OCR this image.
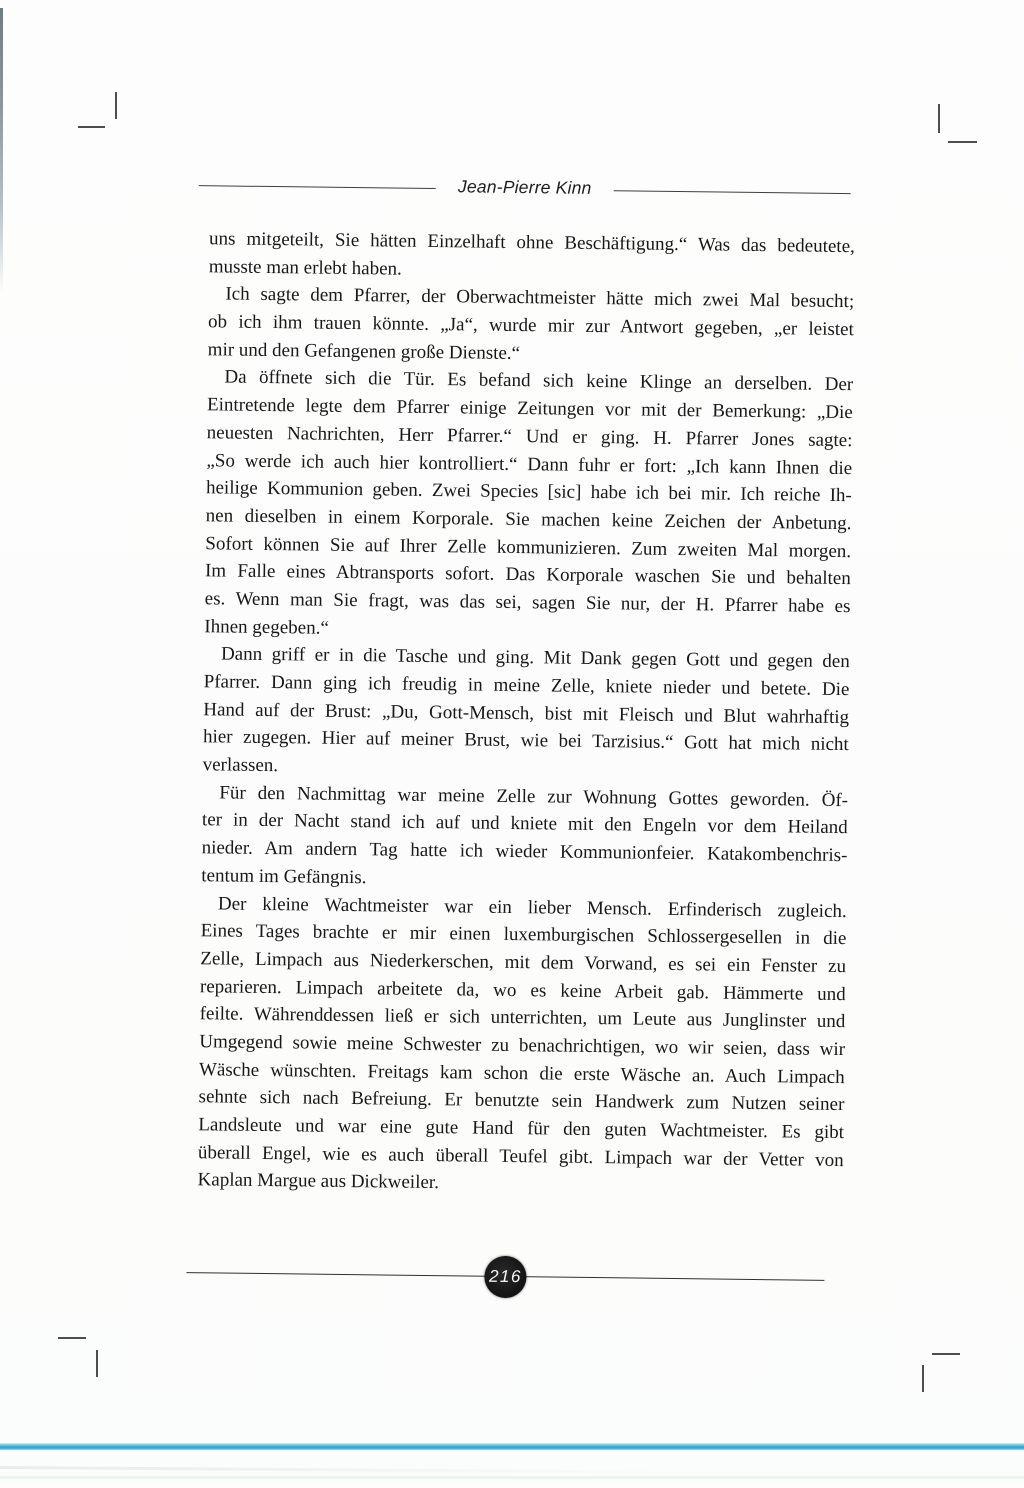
Jean-Pierre Kinn
uns mitgeteilt, Sie hätten Einzelhaft ohne Beschäftigung.“ Was das bedeutete,
musste man erlebt haben.
Ich sagte dem Pfarrer, der Oberwachtmeister hätte mich zwei Mal besucht;
ob ich ihm trauen könnte. „Ja“, wurde mir zur Antwort gegeben, „er leistet
mir und den Gefangenen große Dienste.“
Da öffnete sich die Tür. Es befand sich keine Klinge an derselben. Der
Eintretende legte dem Pfarrer einige Zeitungen vor mit der Bemerkung: „Die
neuesten Nachrichten, Herr Pfarrer.“ Und er ging. H. Pfarrer Jones sagte:
„So werde ich auch hier kontrolliert.“ Dann fuhr er fort: „Ich kann Ihnen die
heilige Kommunion geben. Zwei Species [sic] habe ich bei mir. Ich reiche Ih-
nen dieselben in einem Korporale. Sie machen keine Zeichen der Anbetung.
Sofort können Sie auf Ihrer Zelle kommunizieren. Zum zweiten Mal morgen.
Im Falle eines Abtransports sofort. Das Korporale waschen Sie und behalten
es. Wenn man Sie fragt, was das sei, sagen Sie nur, der H. Pfarrer habe es
Ihnen gegeben.“
Dann griff er in die Tasche und ging. Mit Dank gegen Gott und gegen den
Pfarrer. Dann ging ich freudig in meine Zelle, kniete nieder und betete. Die
Hand auf der Brust: „Du, Gott-Mensch, bist mit Fleisch und Blut wahrhaftig
hier zugegen. Hier auf meiner Brust, wie bei Tarzisius.“ Gott hat mich nicht
verlassen.
Für den Nachmittag war meine Zelle zur Wohnung Gottes geworden. Öf-
ter in der Nacht stand ich auf und kniete mit den Engeln vor dem Heiland
nieder. Am andern Tag hatte ich wieder Kommunionfeier. Katakombenchris-
tentum im Gefängnis.
Der kleine Wachtmeister war ein lieber Mensch. Erfinderisch zugleich.
Eines Tages brachte er mir einen luxemburgischen Schlossergesellen in die
Zelle, Limpach aus Niederkerschen, mit dem Vorwand, es sei ein Fenster zu
reparieren. Limpach arbeitete da, wo es keine Arbeit gab. Hämmerte und
feilte. Währenddessen ließ er sich unterrichten, um Leute aus Junglinster und
Umgegend sowie meine Schwester zu benachrichtigen, wo wir seien, dass wir
Wäsche wünschten. Freitags kam schon die erste Wäsche an. Auch Limpach
sehnte sich nach Befreiung. Er benutzte sein Handwerk zum Nutzen seiner
Landsleute und war eine gute Hand für den guten Wachtmeister. Es gibt
überall Engel, wie es auch überall Teufel gibt. Limpach war der Vetter von
Kaplan Margue aus Dickweiler.
216
